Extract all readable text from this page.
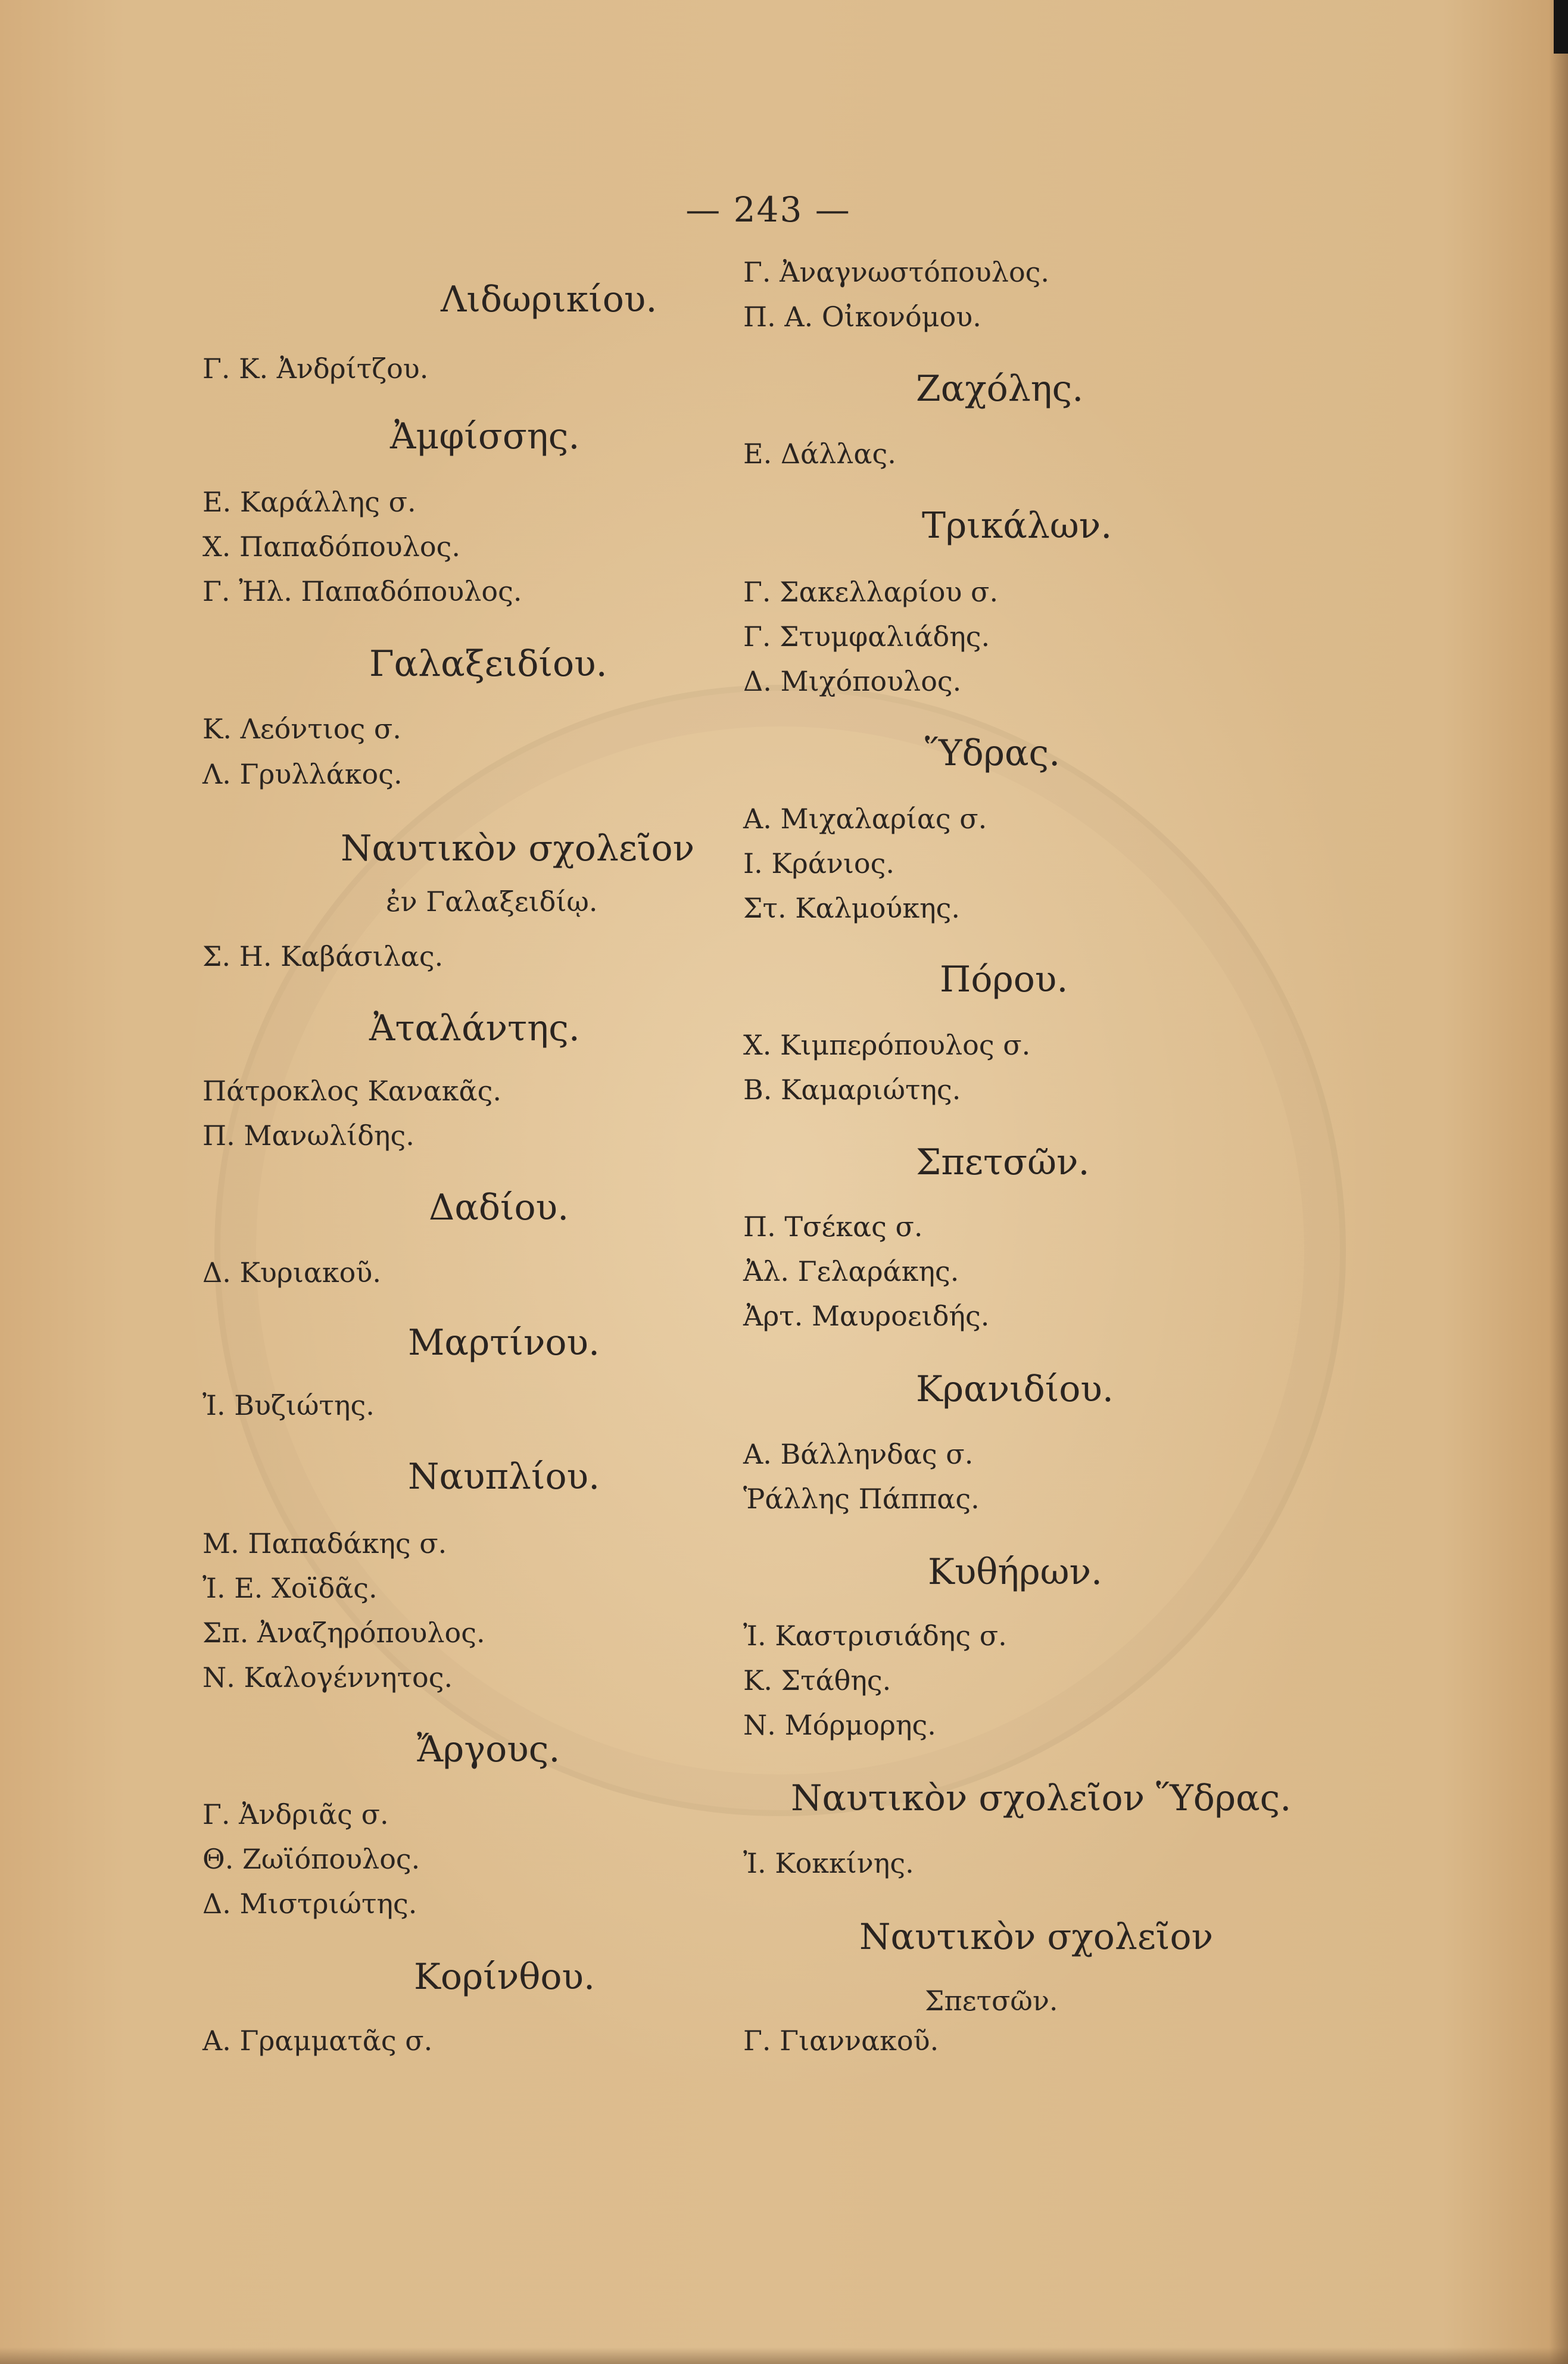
— 243 —
Λιδωρικίου.
Γ. Κ. Ἀνδρίτζου.
Ἀμφίσσης.
Ε. Καράλλης σ.
Χ. Παπαδόπουλος.
Γ. Ἠλ. Παπαδόπουλος.
Γαλαξειδίου.
Κ. Λεόντιος σ.
Λ. Γρυλλάκος.
Ναυτικὸν σχολεῖον
ἐν Γαλαξειδίῳ.
Σ. Η. Καβάσιλας.
Ἀταλάντης.
Πάτροκλος Κανακᾶς.
Π. Μανωλίδης.
Δαδίου.
Δ. Κυριακοῦ.
Μαρτίνου.
Ἰ. Βυζιώτης.
Ναυπλίου.
Μ. Παπαδάκης σ.
Ἰ. Ε. Χοϊδᾶς.
Σπ. Ἀναζηρόπουλος.
Ν. Καλογέννητος.
Ἄργους.
Γ. Ἀνδριᾶς σ.
Θ. Ζωϊόπουλος.
Δ. Μιστριώτης.
Κορίνθου.
Α. Γραμματᾶς σ.
Γ. Ἀναγνωστόπουλος.
Π. Α. Οἰκονόμου.
Ζαχόλης.
Ε. Δάλλας.
Τρικάλων.
Γ. Σακελλαρίου σ.
Γ. Στυμφαλιάδης.
Δ. Μιχόπουλος.
Ὕδρας.
Α. Μιχαλαρίας σ.
Ι. Κράνιος.
Στ. Καλμούκης.
Πόρου.
Χ. Κιμπερόπουλος σ.
Β. Καμαριώτης.
Σπετσῶν.
Π. Τσέκας σ.
Ἀλ. Γελαράκης.
Ἀρτ. Μαυροειδής.
Κρανιδίου.
Α. Βάλληνδας σ.
Ῥάλλης Πάππας.
Κυθήρων.
Ἰ. Καστρισιάδης σ.
Κ. Στάθης.
Ν. Μόρμορης.
Ναυτικὸν σχολεῖον Ὕδρας.
Ἰ. Κοκκίνης.
Ναυτικὸν σχολεῖον
Σπετσῶν.
Γ. Γιαννακοῦ.
